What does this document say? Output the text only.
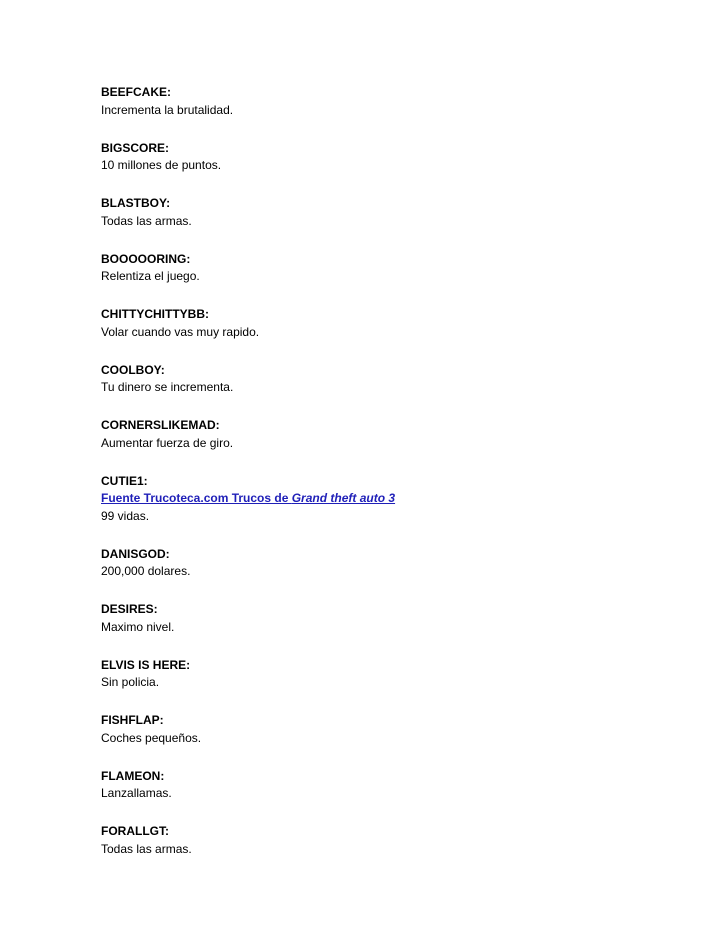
BEEFCAKE:
Incrementa la brutalidad.
BIGSCORE:
10 millones de puntos.
BLASTBOY:
Todas las armas.
BOOOOORING:
Relentiza el juego.
CHITTYCHITTYBB:
Volar cuando vas muy rapido.
COOLBOY:
Tu dinero se incrementa.
CORNERSLIKEMAD:
Aumentar fuerza de giro.
CUTIE1:
Fuente Trucoteca.com Trucos de Grand theft auto 3
99 vidas.
DANISGOD:
200,000 dolares.
DESIRES:
Maximo nivel.
ELVIS IS HERE:
Sin policia.
FISHFLAP:
Coches pequeños.
FLAMEON:
Lanzallamas.
FORALLGT:
Todas las armas.
